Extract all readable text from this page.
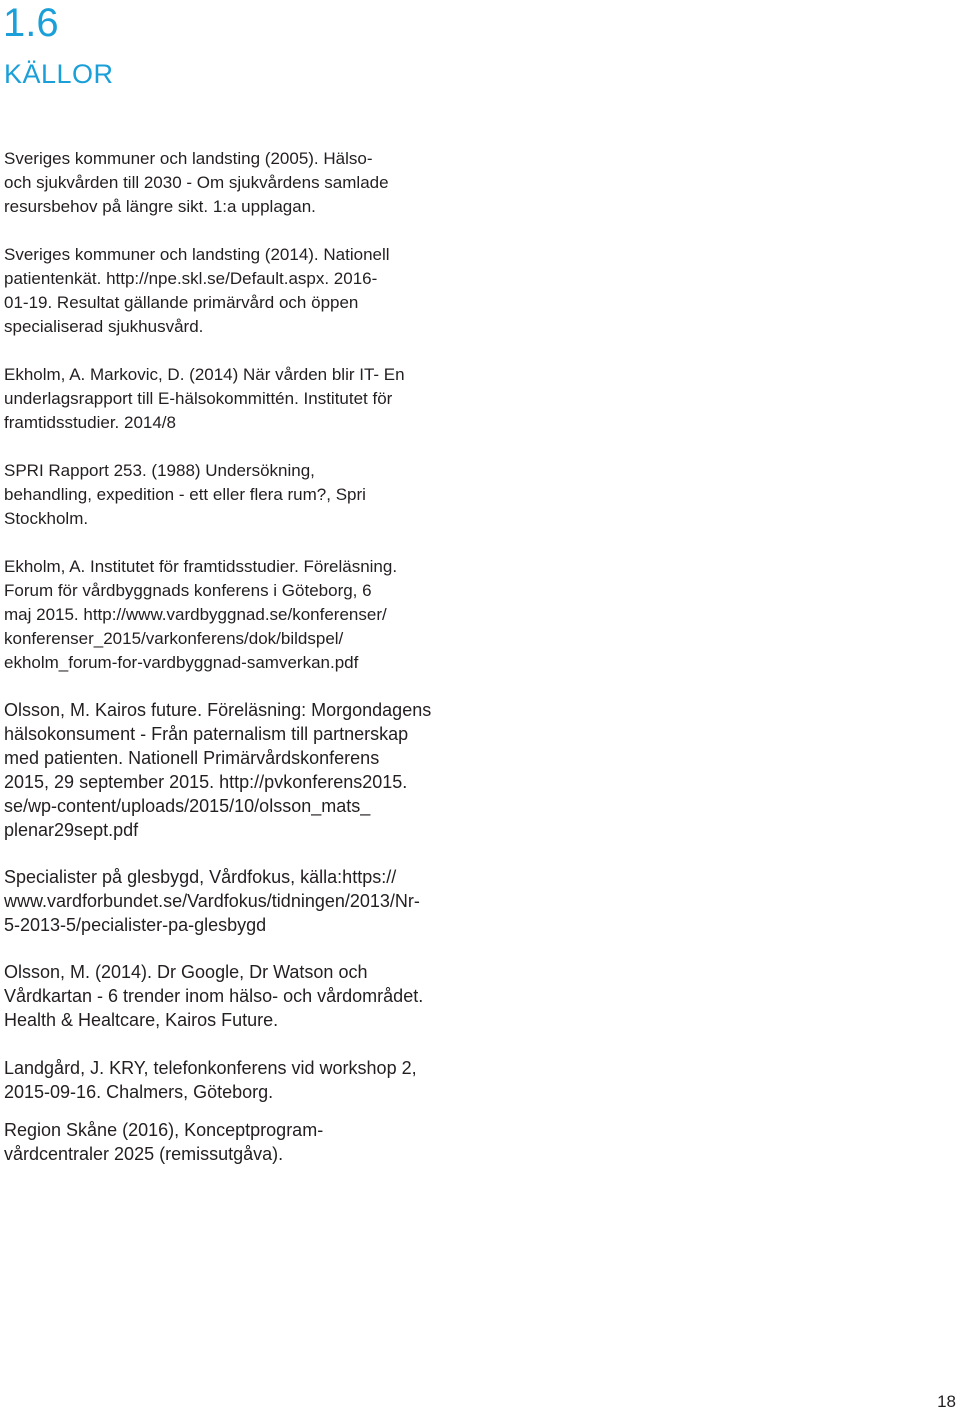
1.6
KÄLLOR

Sveriges kommuner och landsting (2005). Hälso-
och sjukvården till 2030 - Om sjukvårdens samlade
resursbehov på längre sikt. 1:a upplagan.

Sveriges kommuner och landsting (2014). Nationell
patientenkät. http://npe.skl.se/Default.aspx. 2016-
01-19. Resultat gällande primärvård och öppen
specialiserad sjukhusvård.

Ekholm, A. Markovic, D. (2014) När vården blir IT- En
underlagsrapport till E-hälsokommittén. Institutet för
framtidsstudier. 2014/8

SPRI Rapport 253. (1988) Undersökning,
behandling, expedition - ett eller flera rum?, Spri
Stockholm.

Ekholm, A. Institutet för framtidsstudier. Föreläsning.
Forum för vårdbyggnads konferens i Göteborg, 6
maj 2015. http://www.vardbyggnad.se/konferenser/
konferenser_2015/varkonferens/dok/bildspel/
ekholm_forum-for-vardbyggnad-samverkan.pdf

Olsson, M. Kairos future. Föreläsning: Morgondagens
hälsokonsument - Från paternalism till partnerskap
med patienten. Nationell Primärvårdskonferens
2015, 29 september 2015. http://pvkonferens2015.
se/wp-content/uploads/2015/10/olsson_mats_
plenar29sept.pdf

Specialister på glesbygd, Vårdfokus, källa:https://
www.vardforbundet.se/Vardfokus/tidningen/2013/Nr-
5-2013-5/pecialister-pa-glesbygd

Olsson, M. (2014). Dr Google, Dr Watson och
Vårdkartan - 6 trender inom hälso- och vårdområdet.
Health & Healtcare, Kairos Future.

Landgård, J. KRY, telefonkonferens vid workshop 2,
2015-09-16. Chalmers, Göteborg.

Region Skåne (2016), Konceptprogram-
vårdcentraler 2025 (remissutgåva).

18
